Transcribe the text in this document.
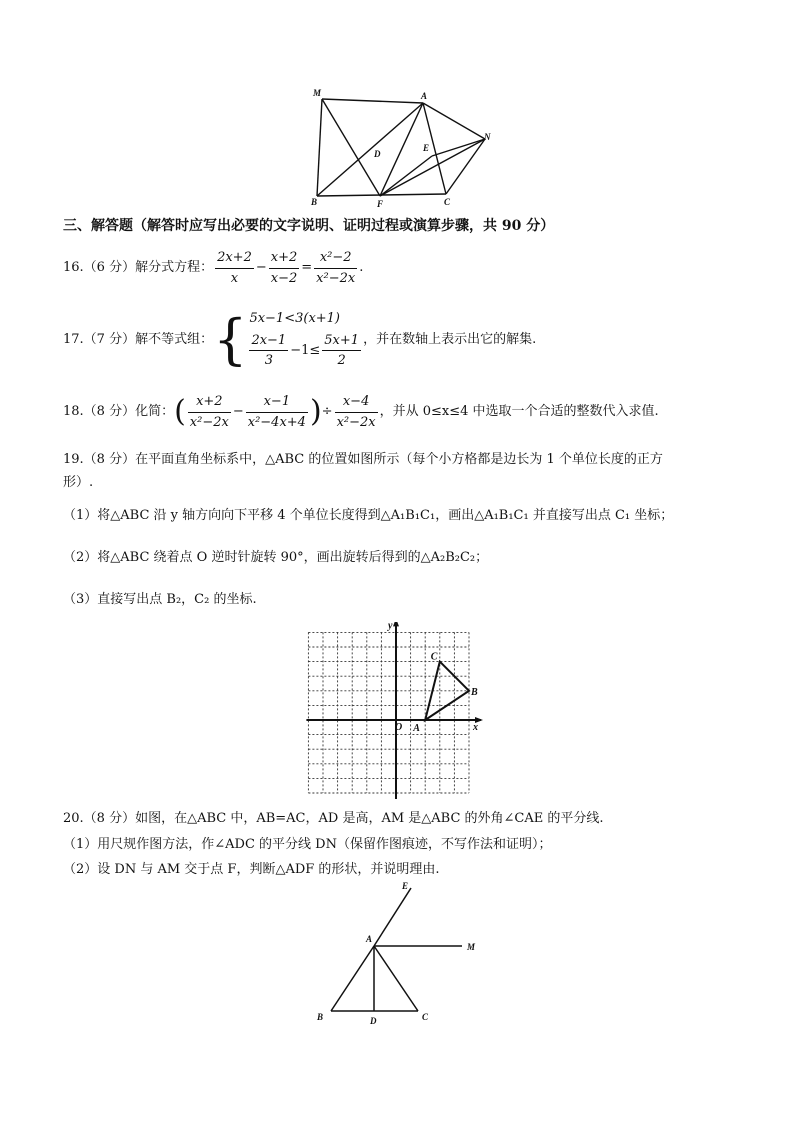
M	A
N
D
E
B	F	C
三、解答题（解答时应写出必要的文字说明、证明过程或演算步骤，共 90 分）
16.（6 分）解分式方程： $\frac{2x+2}{x} - \frac{x+2}{x-2} = \frac{\text{x²−2}}{\text{x²−2x}}$ .
17.（7 分）解不等式组： { 5x−1<3(x+1)
$\frac{2x-1}{3} -1\le \frac{5x+1}{2}$ ，并在数轴上表示出它的解集.
18.（8 分）化简： ( $\frac{x+2}{\text{x²−2x}} - \frac{x-1}{\text{x²−4x+4}}$ ) ÷ $\frac{x-4}{\text{x²−2x}}$ ，并从 0≤x≤4 中选取一个合适的整数代入求值.
19.（8 分）在平面直角坐标系中，△ABC 的位置如图所示（每个小方格都是边长为 1 个单位长度的正方
形）.
（1）将△ABC 沿 y 轴方向向下平移 4 个单位长度得到△A₁B₁C₁，画出△A₁B₁C₁ 并直接写出点 C₁ 坐标；
（2）将△ABC 绕着点 O 逆时针旋转 90°，画出旋转后得到的△A₂B₂C₂；
（3）直接写出点 B₂，C₂ 的坐标.
y
x
O A
B
C
20.（8 分）如图，在△ABC 中，AB=AC，AD 是高，AM 是△ABC 的外角∠CAE 的平分线.
（1）用尺规作图方法，作∠ADC 的平分线 DN（保留作图痕迹，不写作法和证明）；
（2）设 DN 与 AM 交于点 F，判断△ADF 的形状，并说明理由.
E
A
M
B	D	C
